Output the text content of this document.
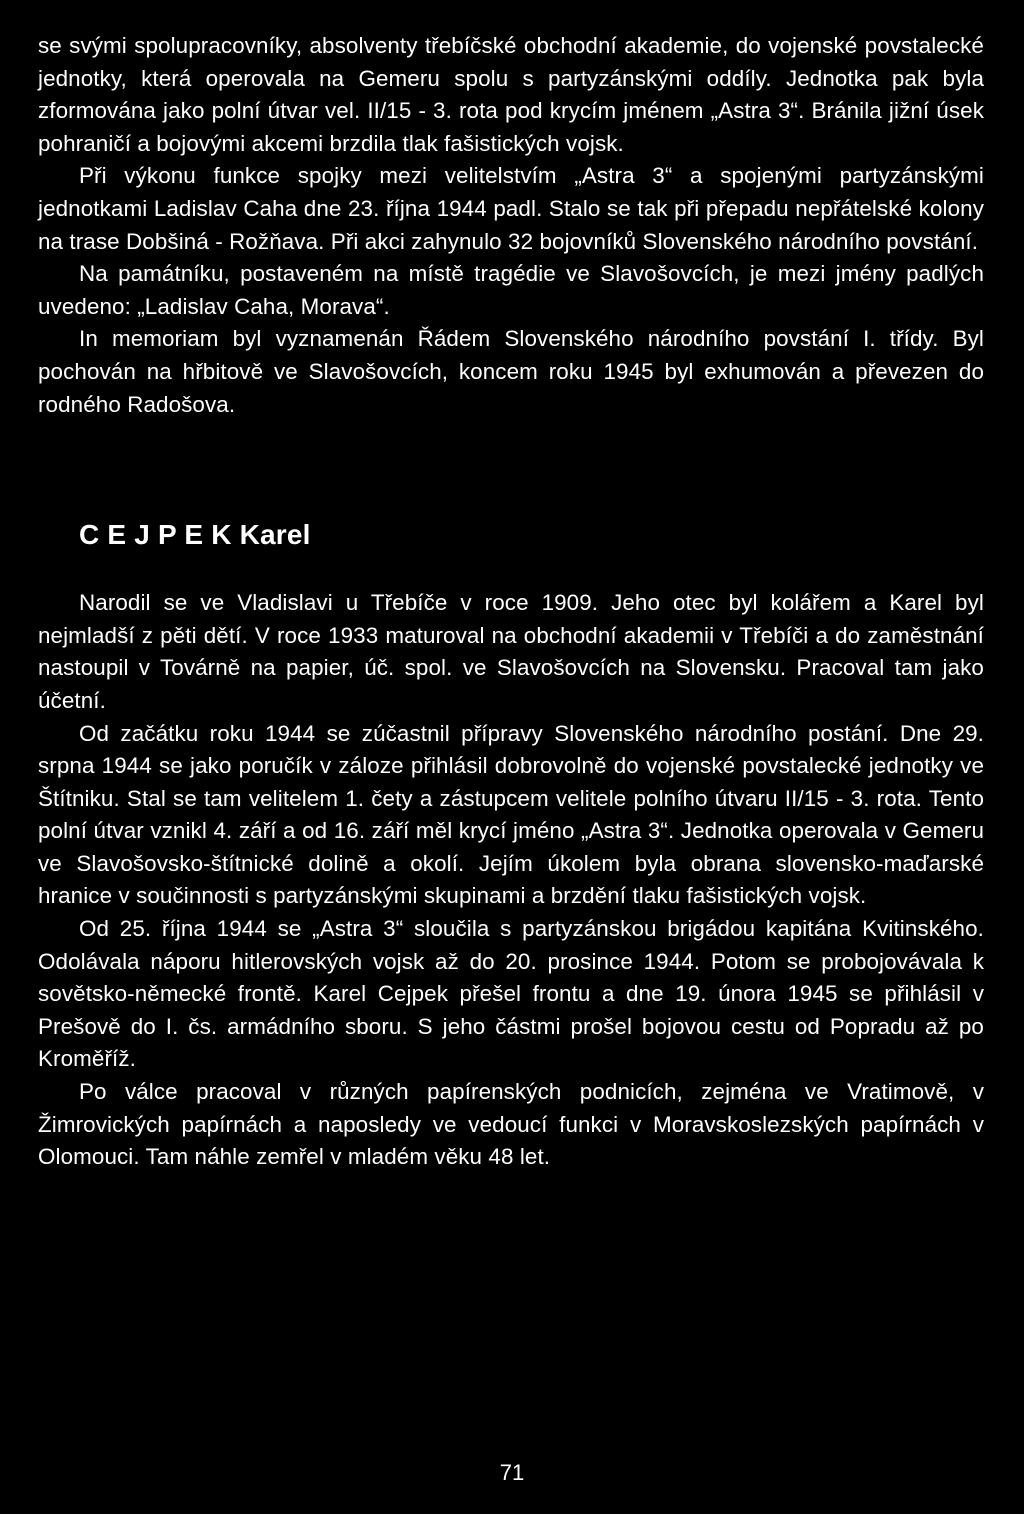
se svými spolupracovníky, absolventy třebíčské obchodní akademie, do vojenské povstalecké jednotky, která operovala na Gemeru spolu s partyzánskými oddíly. Jednotka pak byla zformována jako polní útvar vel. II/15 - 3. rota pod krycím jménem „Astra 3“. Bránila jižní úsek pohraničí a bojovými akcemi brzdila tlak fašistických vojsk.

Při výkonu funkce spojky mezi velitelstvím „Astra 3“ a spojenými partyzánskými jednotkami Ladislav Caha dne 23. října 1944 padl. Stalo se tak při přepadu nepřátelské kolony na trase Dobšiná - Rožňava. Při akci zahynulo 32 bojovníků Slovenského národního povstání.

Na památníku, postaveném na místě tragédie ve Slavošovcích, je mezi jmény padlých uvedeno: „Ladislav Caha, Morava“.

In memoriam byl vyznamenán Řádem Slovenského národního povstání I. třídy. Byl pochován na hřbitově ve Slavošovcích, koncem roku 1945 byl exhumován a převezen do rodného Radošova.

C E J P E K Karel

Narodil se ve Vladislavi u Třebíče v roce 1909. Jeho otec byl kolářem a Karel byl nejmladší z pěti dětí. V roce 1933 maturoval na obchodní akademii v Třebíči a do zaměstnání nastoupil v Továrně na papier, úč. spol. ve Slavošovcích na Slovensku. Pracoval tam jako účetní.

Od začátku roku 1944 se zúčastnil přípravy Slovenského národního postání. Dne 29. srpna 1944 se jako poručík v záloze přihlásil dobrovolně do vojenské povstalecké jednotky ve Štítniku. Stal se tam velitelem 1. čety a zástupcem velitele polního útvaru II/15 - 3. rota. Tento polní útvar vznikl 4. září a od 16. září měl krycí jméno „Astra 3“. Jednotka operovala v Gemeru ve Slavošovsko-štítnické dolině a okolí. Jejím úkolem byla obrana slovensko-maďarské hranice v součinnosti s partyzánskými skupinami a brzdění tlaku fašistických vojsk.

Od 25. října 1944 se „Astra 3“ sloučila s partyzánskou brigádou kapitána Kvitinského. Odolávala náporu hitlerovských vojsk až do 20. prosince 1944. Potom se probojovávala k sovětsko-německé frontě. Karel Cejpek přešel frontu a dne 19. února 1945 se přihlásil v Prešově do I. čs. armádního sboru. S jeho částmi prošel bojovou cestu od Popradu až po Kroměříž.

Po válce pracoval v různých papírenských podnicích, zejména ve Vratimově, v Žimrovických papírnách a naposledy ve vedoucí funkci v Moravskoslezských papírnách v Olomouci. Tam náhle zemřel v mladém věku 48 let.

71
